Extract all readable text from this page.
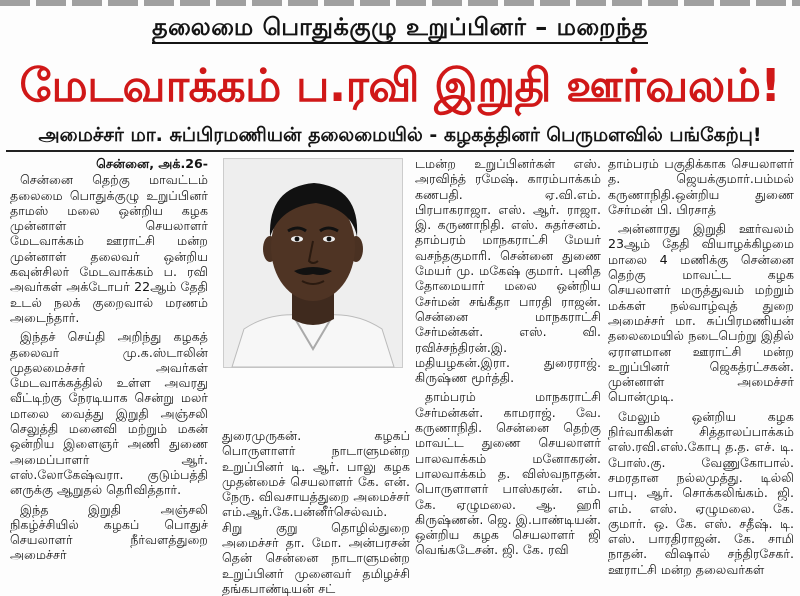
தலைமை பொதுக்குழு உறுப்பினர் – மறைந்த
மேடவாக்கம் ப.ரவி இறுதி ஊர்வலம்!
அமைச்சர் மா. சுப்பிரமணியன் தலைமையில் - கழகத்தினர் பெருமளவில் பங்கேற்பு!

சென்னை, அக்.26-

சென்னை தெற்கு மாவட்டம் தலைமை பொதுக்குழு உறுப்பினர் தாமஸ் மலை ஒன்றிய கழக முன்னாள் செயலாளர் மேடவாக்கம் ஊராட்சி மன்ற முன்னாள் தலைவர் ஒன்றிய கவுன்சிலர் மேடவாக்கம் ப. ரவி அவர்கள் அக்டோபர் 22ஆம் தேதி உடல் நலக் குறைவால் மரணம் அடைந்தார்.

இந்தச் செய்தி அறிந்து கழகத் தலைவர் மு.க.ஸ்டாலின் முதலமைச்சர் அவர்கள் மேடவாக்கத்தில் உள்ள அவரது வீட்டிற்கு நேரடியாக சென்று மலர் மாலை வைத்து இறுதி அஞ்சலி செலுத்தி மனைவி மற்றும் மகன் ஒன்றிய இளைஞர் அணி துணை அமைப்பாளர் ஆர். எஸ்.லோகேஷ்வரா. குடும்பத்தி னருக்கு ஆறுதல் தெரிவித்தார்.

இந்த இறுதி அஞ்சலி நிகழ்ச்சியில் கழகப் பொதுச் செயலாளர் நீர்வளத்துறை அமைச்சர்

துரைமுருகன். கழகப் பொருளாளர் நாடாளுமன்ற உறுப்பினர் டி. ஆர். பாலு கழக முதன்மைச் செயலாளர் கே. என். நேரு. விவசாயத்துறை அமைச்சர் எம்.ஆர்.கே.பன்னீர்செல்வம். சிறு குறு தொழில்துறை அமைச்சர் தா. மோ. அன்பரசன் தென் சென்னை நாடாளுமன்ற உறுப்பினர் முனைவர் தமிழச்சி தங்கபாண்டியன் சட்

டமன்ற உறுப்பினர்கள் எஸ். அரவிந்த் ரமேஷ். காரம்பாக்கம் கணபதி. ஏ.வி.எம். பிரபாகராஜா. எஸ். ஆர். ராஜா. இ. கருணாநிதி. எஸ். சுதர்சனம். தாம்பரம் மாநகராட்சி மேயர் வசந்தகுமாரி. சென்னை துணை மேயர் மு. மகேஷ் குமார். புனித தோமையார் மலை ஒன்றிய சேர்மன் சங்கீதா பாரதி ராஜன். சென்னை மாநகராட்சி சேர்மன்கள். எஸ். வி. ரவிச்சந்திரன்.இ. மதியழகன்.இரா. துரைராஜ். கிருஷ்ண மூர்த்தி.

தாம்பரம் மாநகராட்சி சேர்மன்கள். காமராஜ். வே. கருணாநிதி. சென்னை தெற்கு மாவட்ட துணை செயலாளர் பாலவாக்கம் மனோகரன். பாலவாக்கம் த. விஸ்வநாதன். பொருளாளர் பாஸ்கரன். எம். கே. ஏழுமலை. ஆ. ஹரி கிருஷ்ணன். ஜெ. இ.பாண்டியன். ஒன்றிய கழக செயலாளர் ஜி வெங்கடேசன். ஜி. கே. ரவி

தாம்பரம் பகுதிக்காக செயலாளர் த. ஜெயக்குமார்.பம்மல் கருணாநிதி.ஒன்றிய துணை சேர்மன் பி. பிரசாத்

அன்னாரது இறுதி ஊர்வலம் 23ஆம் தேதி வியாழக்கிழமை மாலை 4 மணிக்கு சென்னை தெற்கு மாவட்ட கழக செயலாளர் மருத்துவம் மற்றும் மக்கள் நல்வாழ்வுத் துறை அமைச்சர் மா. சுப்பிரமணியன் தலைமையில் நடைபெற்று இதில் ஏராளமான ஊராட்சி மன்ற உறுப்பினர் ஜெகத்ரட்சகன். முன்னாள் அமைச்சர் பொன்முடி.

மேலும் ஒன்றிய கழக நிர்வாகிகள் சித்தாலப்பாக்கம் எஸ்.ரவி.எஸ்.கோபு த.த. எச். டி. போஸ்.கு. வேணுகோபால். சமரதான நல்லமுத்து. டில்லி பாபு. ஆர். சொக்கலிங்கம். ஜி. எம். எஸ். ஏழுமலை. கே. குமார். ஒ. கே. எஸ். சதீஷ். டி. எஸ். பாரதிராஜன். கே. சாமி நாதன். விஷால் சந்திரசேகர். ஊராட்சி மன்ற தலைவர்கள்
